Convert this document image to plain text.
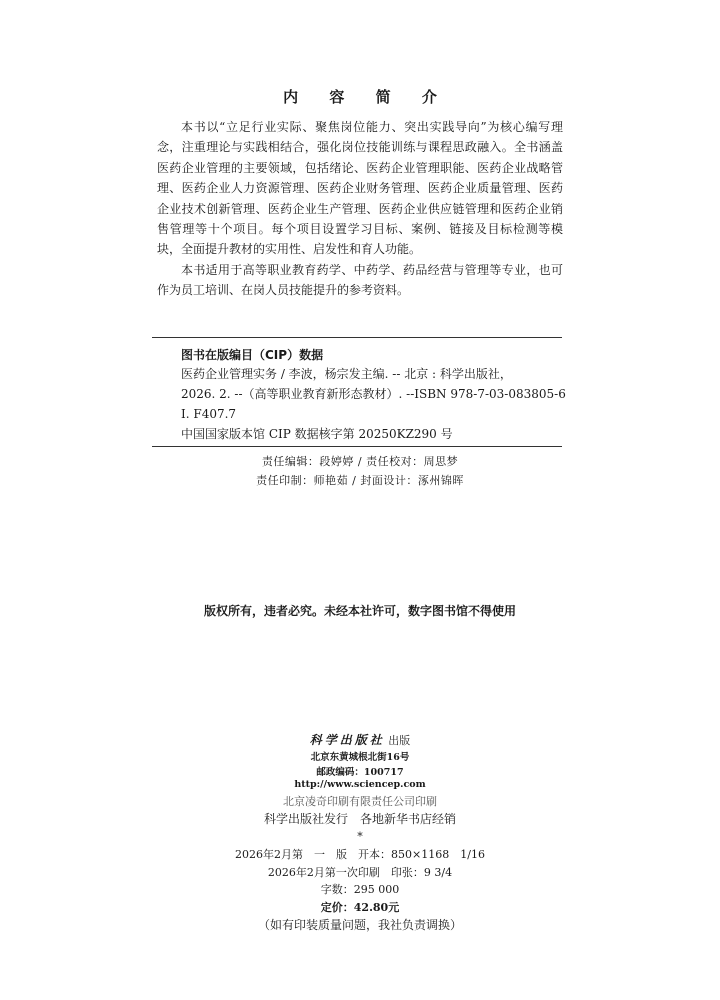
内 容 简 介

本书以“立足行业实际、聚焦岗位能力、突出实践导向”为核心编写理念，注重理论与实践相结合，强化岗位技能训练与课程思政融入。全书涵盖医药企业管理的主要领域，包括绪论、医药企业管理职能、医药企业战略管理、医药企业人力资源管理、医药企业财务管理、医药企业质量管理、医药企业技术创新管理、医药企业生产管理、医药企业供应链管理和医药企业销售管理等十个项目。每个项目设置学习目标、案例、链接及目标检测等模块，全面提升教材的实用性、启发性和育人功能。

本书适用于高等职业教育药学、中药学、药品经营与管理等专业，也可作为员工培训、在岗人员技能提升的参考资料。

图书在版编目（CIP）数据
医药企业管理实务 / 李波，杨宗发主编. -- 北京 : 科学出版社，
2026. 2. --（高等职业教育新形态教材）. --ISBN 978-7-03-083805-6
Ⅰ. F407.7
中国国家版本馆 CIP 数据核字第 20250KZ290 号
责任编辑：段婷婷 / 责任校对：周思梦
责任印制：师艳茹 / 封面设计：涿州锦晖
版权所有，违者必究。未经本社许可，数字图书馆不得使用
科学出版社 出版
北京东黄城根北街16号
邮政编码：100717
http://www.sciencep.com
北京凌奇印刷有限责任公司印刷
科学出版社发行　各地新华书店经销
*
2026年2月第　一　版　开本：850×1168　1/16
2026年2月第一次印刷　印张：9 3/4
字数：295 000
定价：42.80元
（如有印装质量问题，我社负责调换）
